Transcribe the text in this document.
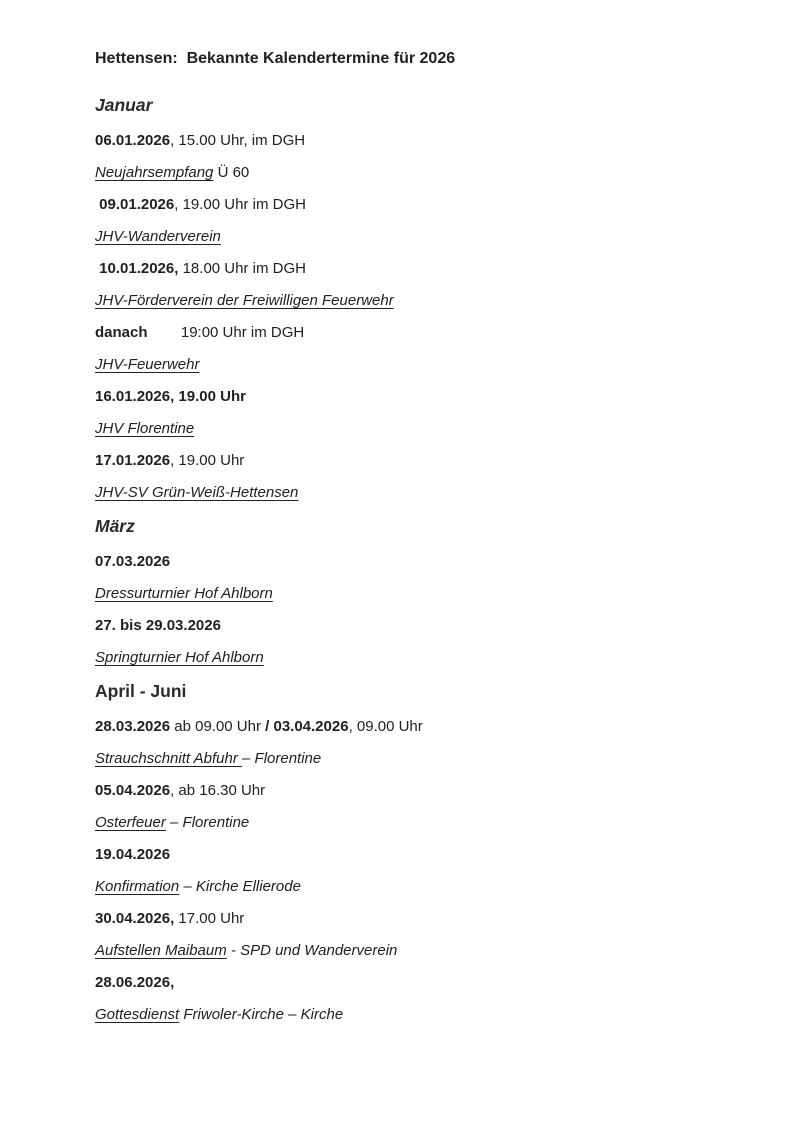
Hettensen:  Bekannte Kalendertermine für 2026
Januar

06.01.2026, 15.00 Uhr, im DGH

Neujahrsempfang Ü 60

09.01.2026, 19.00 Uhr im DGH

JHV-Wanderverein

10.01.2026, 18.00 Uhr im DGH

JHV-Förderverein der Freiwilligen Feuerwehr

danach        19:00 Uhr im DGH

JHV-Feuerwehr

16.01.2026, 19.00 Uhr

JHV Florentine

17.01.2026, 19.00 Uhr

JHV-SV Grün-Weiß-Hettensen

März

07.03.2026

Dressurturnier Hof Ahlborn

27. bis 29.03.2026

Springturnier Hof Ahlborn

April - Juni

28.03.2026 ab 09.00 Uhr / 03.04.2026, 09.00 Uhr

Strauchschnitt Abfuhr – Florentine

05.04.2026, ab 16.30 Uhr

Osterfeuer – Florentine

19.04.2026

Konfirmation – Kirche Ellierode

30.04.2026, 17.00 Uhr

Aufstellen Maibaum - SPD und Wanderverein

28.06.2026,

Gottesdienst Friwoler-Kirche – Kirche
